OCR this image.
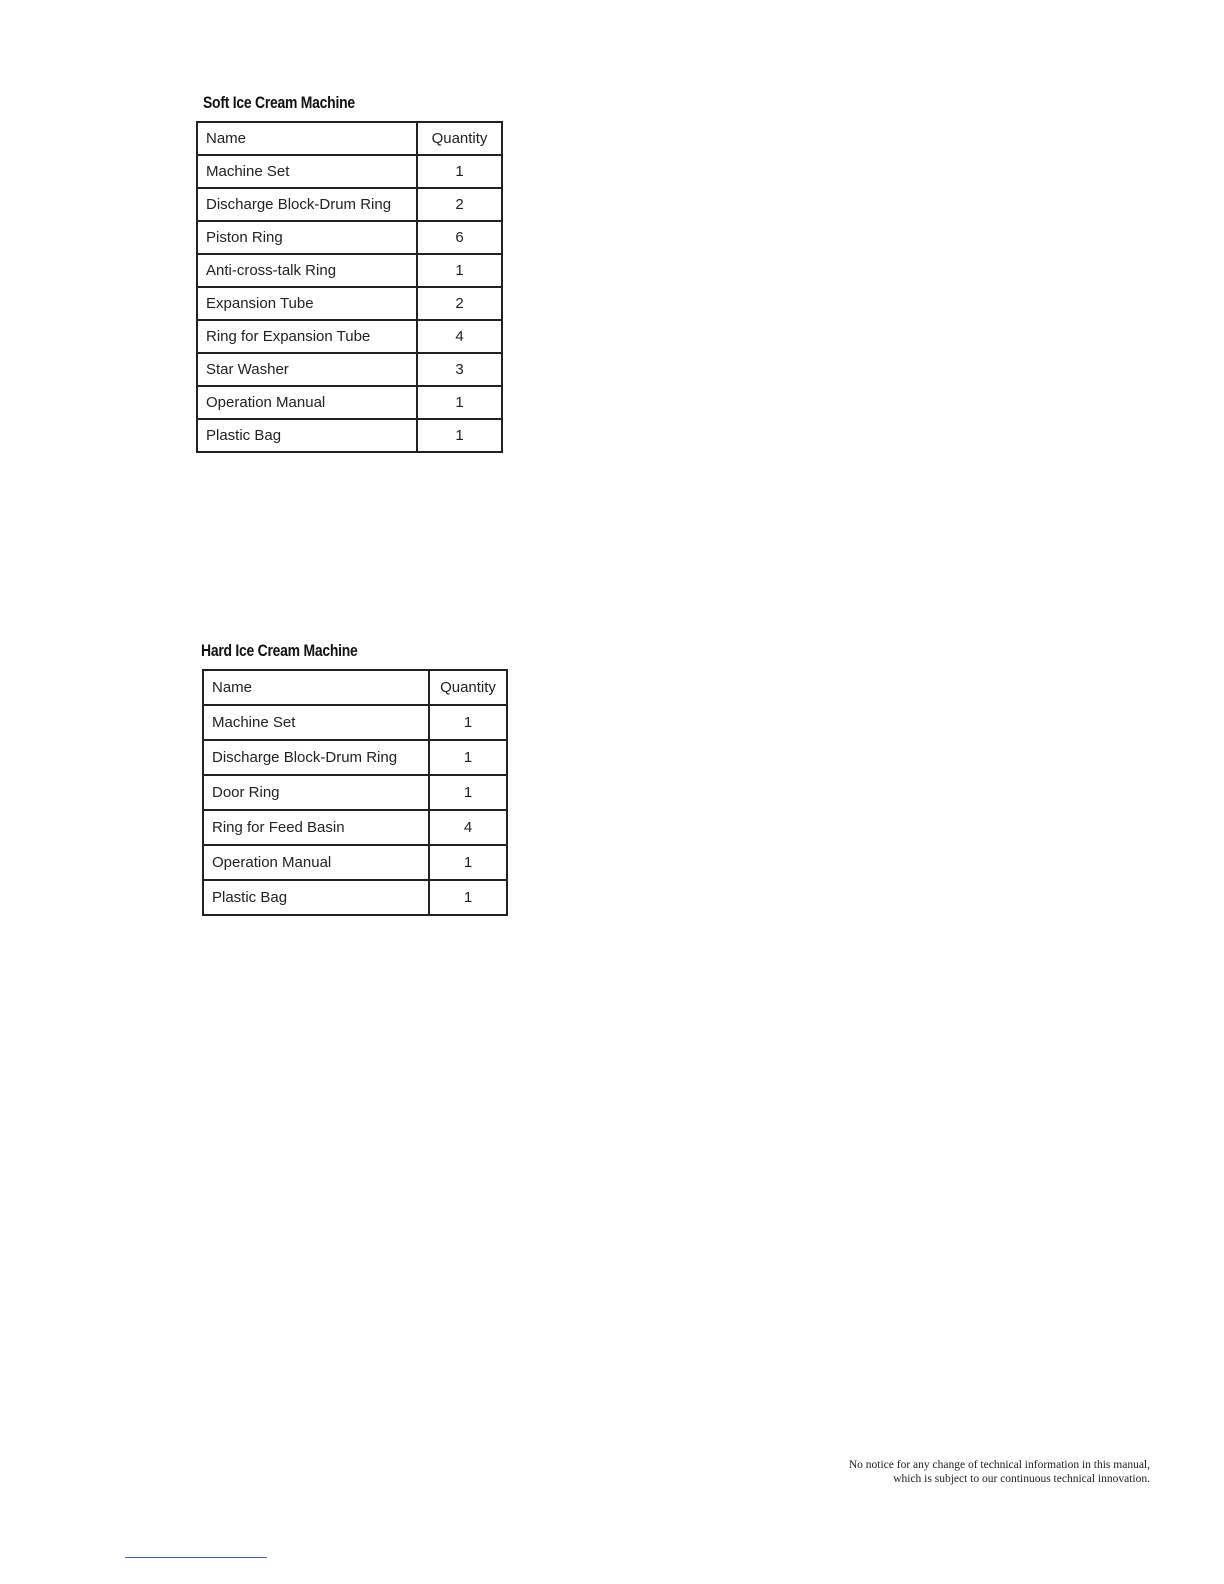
Soft Ice Cream Machine
Name	Quantity
Machine Set	1
Discharge Block-Drum Ring	2
Piston Ring	6
Anti-cross-talk Ring	1
Expansion Tube	2
Ring for Expansion Tube	4
Star Washer	3
Operation Manual	1
Plastic Bag	1
Hard Ice Cream Machine
Name	Quantity
Machine Set	1
Discharge Block-Drum Ring	1
Door Ring	1
Ring for Feed Basin	4
Operation Manual	1
Plastic Bag	1

No notice for any change of technical information in this manual, which is subject to our continuous technical innovation.
